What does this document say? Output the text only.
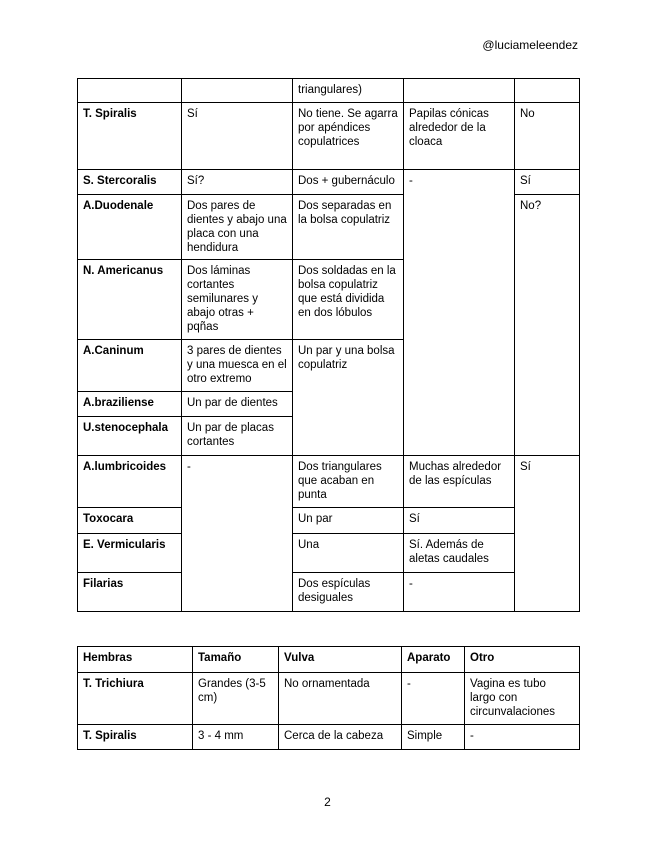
@luciameleendez
		triangulares)		
T. Spiralis	Sí	No tiene. Se agarra por apéndices copulatrices	Papilas cónicas alrededor de la cloaca	No
S. Stercoralis	Sí?	Dos + gubernáculo	-	Sí
A.Duodenale	Dos pares de dientes y abajo una placa con una hendidura	Dos separadas en la bolsa copulatriz		No?
N. Americanus	Dos láminas cortantes semilunares y abajo otras + pqñas	Dos soldadas en la bolsa copulatriz que está dividida en dos lóbulos		
A.Caninum	3 pares de dientes y una muesca en el otro extremo	Un par y una bolsa copulatriz		
A.braziliense	Un par de dientes			
U.stenocephala	Un par de placas cortantes			
A.lumbricoides	-	Dos triangulares que acaban en punta	Muchas alrededor de las espículas	Sí
Toxocara		Un par	Sí	
E. Vermicularis		Una	Sí. Además de aletas caudales	
Filarias		Dos espículas desiguales	-	
Hembras	Tamaño	Vulva	Aparato	Otro
T. Trichiura	Grandes (3-5 cm)	No ornamentada	-	Vagina es tubo largo con circunvalaciones
T. Spiralis	3 - 4 mm	Cerca de la cabeza	Simple	-
2
